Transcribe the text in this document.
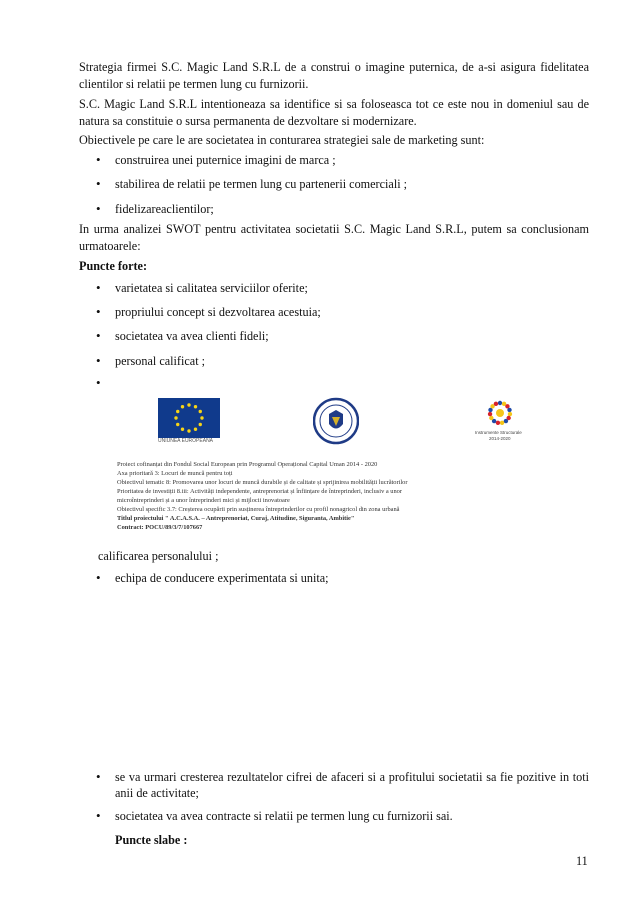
Strategia firmei S.C. Magic Land S.R.L de a construi o imagine puternica, de a-si asigura fidelitatea clientilor si relatii pe termen lung cu furnizorii.
S.C. Magic Land S.R.L intentioneaza sa identifice si sa foloseasca tot ce este nou in domeniul sau de natura sa constituie o sursa permanenta de dezvoltare si modernizare.
Obiectivele pe care le are societatea in conturarea strategiei sale de marketing sunt:
• construirea unei puternice imagini de marca ;
• stabilirea de relatii pe termen lung cu partenerii comerciali ;
• fidelizareaclientilor;
In urma analizei SWOT pentru activitatea societatii S.C. Magic Land S.R.L, putem sa conclusionam urmatoarele:
Puncte forte:
• varietatea si calitatea serviciilor oferite;
• propriului concept si dezvoltarea acestuia;
• societatea va avea clienti fideli;
• personal calificat ;
•
UNIUNEA EUROPEANA
Instrumente Structurale
2014-2020
Proiect cofinanțat din Fondul Social European prin Programul Operațional Capital Uman 2014 - 2020
Axa prioritară 3: Locuri de muncă pentru toți
Obiectivul tematic 8: Promovarea unor locuri de muncă durabile și de calitate și sprijinirea mobilității lucrătorilor
Prioritatea de investiții 8.iii: Activități independente, antreprenoriat și înființare de întreprinderi, inclusiv a unor
microîntreprinderi și a unor întreprinderi mici și mijlocii inovatoare
Obiectivul specific 3.7: Creșterea ocupării prin susținerea întreprinderilor cu profil nonagricol din zona urbană
Titlul proiectului " A.C.A.S.A. – Antreprenoriat, Curaj, Atitudine, Siguranta, Ambitie"
Contract: POCU/89/3/7/107667
calificarea personalului ;
• echipa de conducere experimentata si unita;
• se va urmari cresterea rezultatelor cifrei de afaceri si a profitului societatii sa fie pozitive in toti anii de activitate;
• societatea va avea contracte si relatii pe termen lung cu furnizorii sai.
Puncte slabe :
11
